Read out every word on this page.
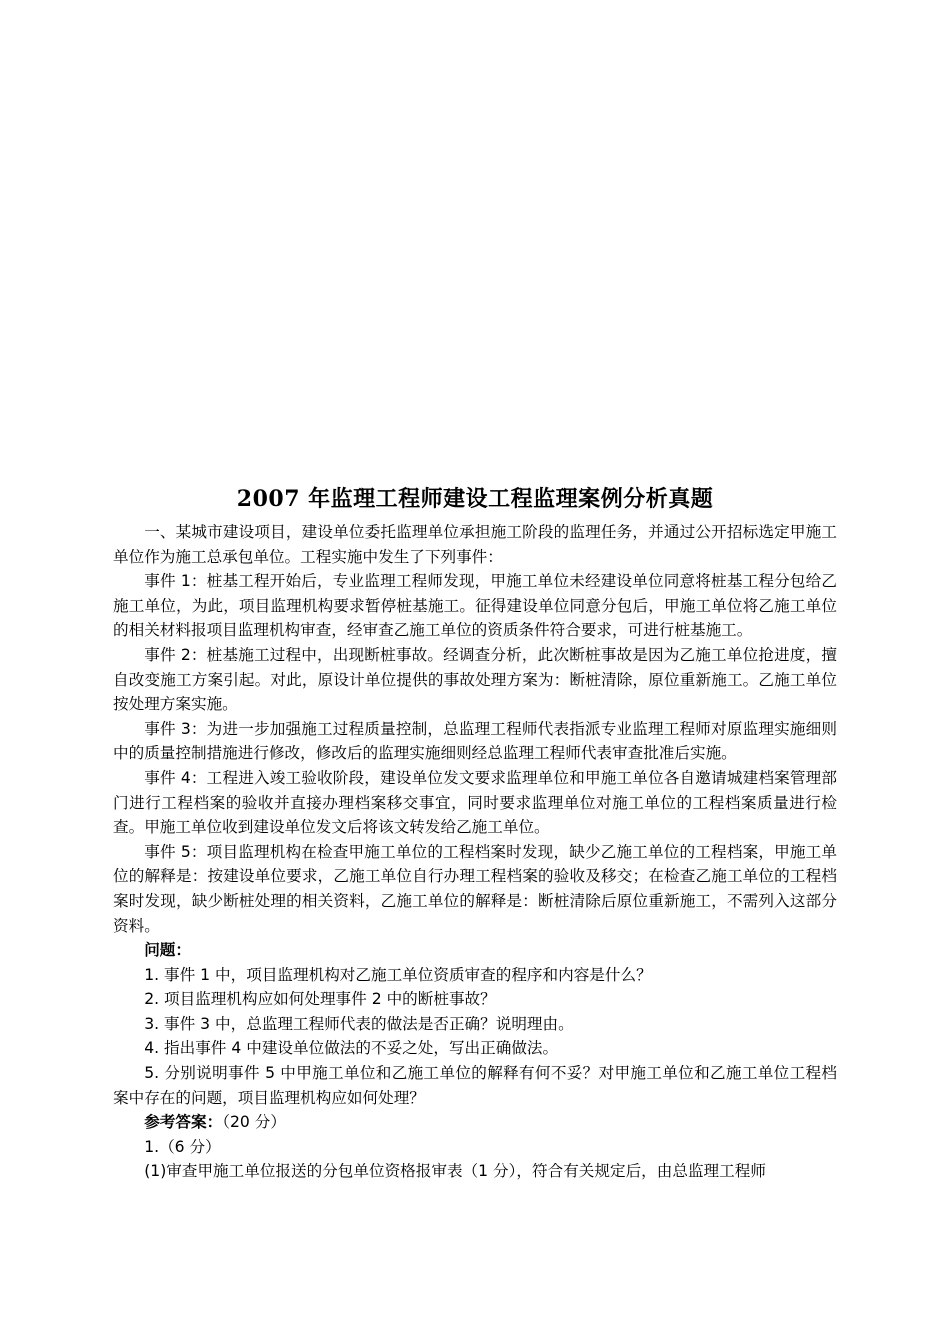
2007 年监理工程师建设工程监理案例分析真题

一、某城市建设项目，建设单位委托监理单位承担施工阶段的监理任务，并通过公开招标选定甲施工单位作为施工总承包单位。工程实施中发生了下列事件：

事件 1：桩基工程开始后，专业监理工程师发现，甲施工单位未经建设单位同意将桩基工程分包给乙施工单位，为此，项目监理机构要求暂停桩基施工。征得建设单位同意分包后，甲施工单位将乙施工单位的相关材料报项目监理机构审查，经审查乙施工单位的资质条件符合要求，可进行桩基施工。

事件 2：桩基施工过程中，出现断桩事故。经调查分析，此次断桩事故是因为乙施工单位抢进度，擅自改变施工方案引起。对此，原设计单位提供的事故处理方案为：断桩清除，原位重新施工。乙施工单位按处理方案实施。

事件 3：为进一步加强施工过程质量控制，总监理工程师代表指派专业监理工程师对原监理实施细则中的质量控制措施进行修改，修改后的监理实施细则经总监理工程师代表审查批准后实施。

事件 4：工程进入竣工验收阶段，建设单位发文要求监理单位和甲施工单位各自邀请城建档案管理部门进行工程档案的验收并直接办理档案移交事宜，同时要求监理单位对施工单位的工程档案质量进行检查。甲施工单位收到建设单位发文后将该文转发给乙施工单位。

事件 5：项目监理机构在检查甲施工单位的工程档案时发现，缺少乙施工单位的工程档案，甲施工单位的解释是：按建设单位要求，乙施工单位自行办理工程档案的验收及移交；在检查乙施工单位的工程档案时发现，缺少断桩处理的相关资料，乙施工单位的解释是：断桩清除后原位重新施工，不需列入这部分资料。

问题：

1. 事件 1 中，项目监理机构对乙施工单位资质审查的程序和内容是什么？

2. 项目监理机构应如何处理事件 2 中的断桩事故？

3. 事件 3 中，总监理工程师代表的做法是否正确？说明理由。

4. 指出事件 4 中建设单位做法的不妥之处，写出正确做法。

5. 分别说明事件 5 中甲施工单位和乙施工单位的解释有何不妥？对甲施工单位和乙施工单位工程档案中存在的问题，项目监理机构应如何处理？

参考答案：（20 分）

1.（6 分）

(1)审查甲施工单位报送的分包单位资格报审表（1 分），符合有关规定后，由总监理工程师
